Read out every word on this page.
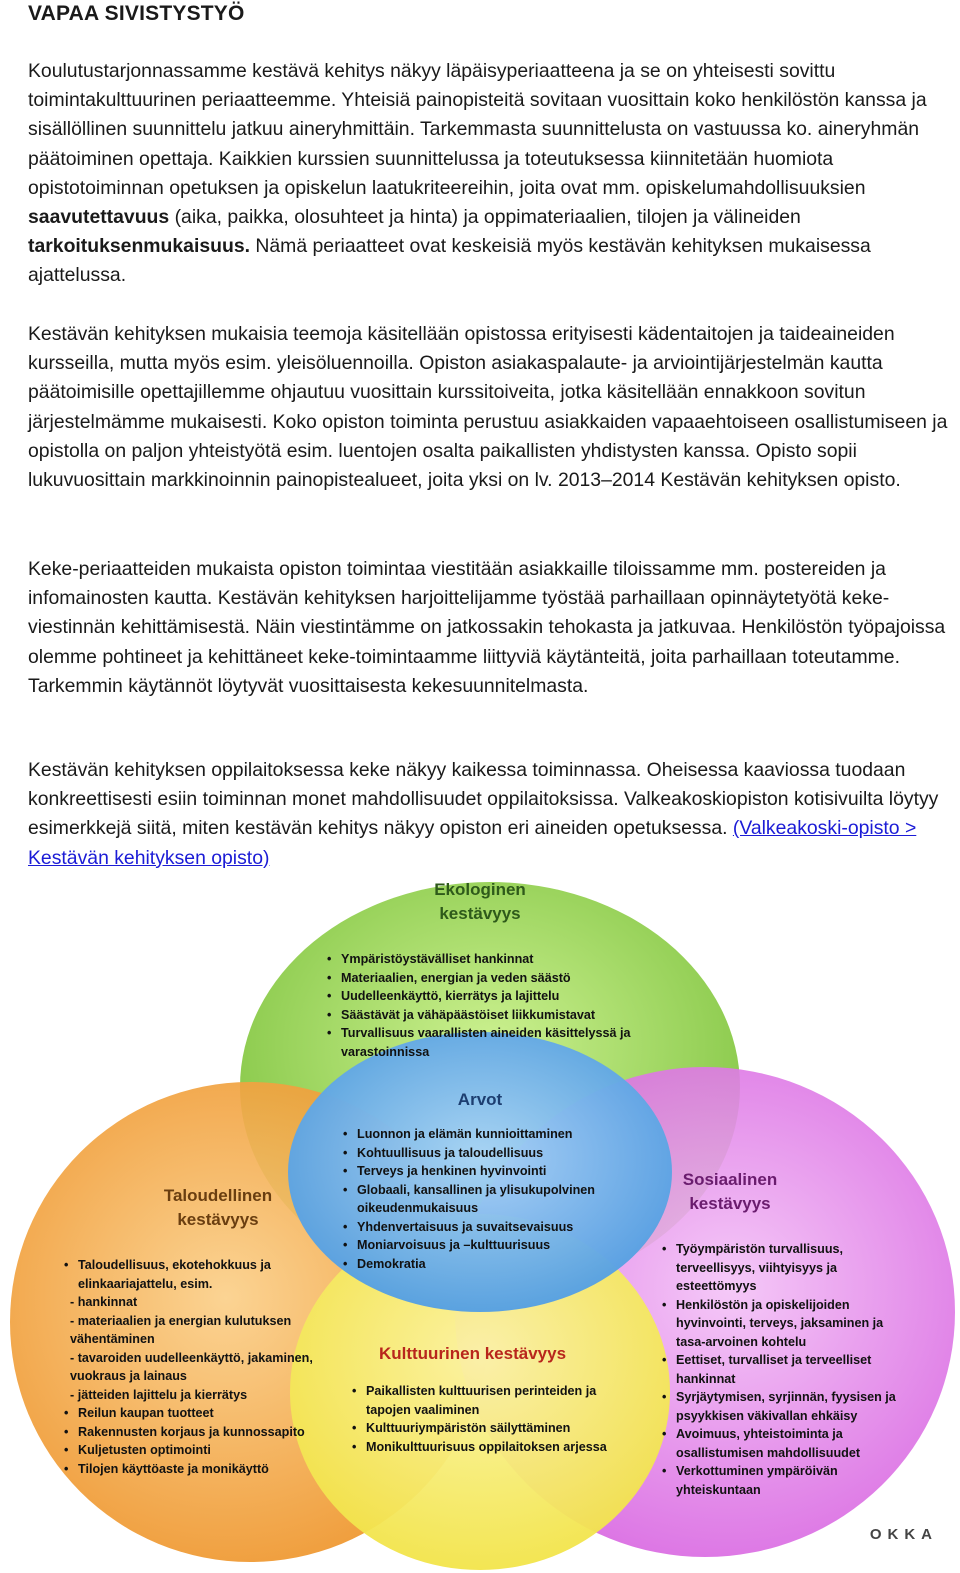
VAPAA SIVISTYSTYÖ

Koulutustarjonnassamme kestävä kehitys näkyy läpäisyperiaatteena ja se on yhteisesti sovittu toimintakulttuurinen periaatteemme. Yhteisiä painopisteitä sovitaan vuosittain koko henkilöstön kanssa ja sisällöllinen suunnittelu jatkuu aineryhmittäin. Tarkemmasta suunnittelusta on vastuussa ko. aineryhmän päätoiminen opettaja. Kaikkien kurssien suunnittelussa ja toteutuksessa kiinnitetään huomiota opistotoiminnan opetuksen ja opiskelun laatukriteereihin, joita ovat mm. opiskelumahdollisuuksien saavutettavuus (aika, paikka, olosuhteet ja hinta) ja oppimateriaalien, tilojen ja välineiden tarkoituksenmukaisuus. Nämä periaatteet ovat keskeisiä myös kestävän kehityksen mukaisessa ajattelussa.

Kestävän kehityksen mukaisia teemoja käsitellään opistossa erityisesti kädentaitojen ja taideaineiden kursseilla, mutta myös esim. yleisöluennoilla. Opiston asiakaspalaute- ja arviointijärjestelmän kautta päätoimisille opettajillemme ohjautuu vuosittain kurssitoiveita, jotka käsitellään ennakkoon sovitun järjestelmämme mukaisesti. Koko opiston toiminta perustuu asiakkaiden vapaaehtoiseen osallistumiseen ja opistolla on paljon yhteistyötä esim. luentojen osalta paikallisten yhdistysten kanssa. Opisto sopii lukuvuosittain markkinoinnin painopistealueet, joita yksi on lv. 2013–2014 Kestävän kehityksen opisto.

Keke-periaatteiden mukaista opiston toimintaa viestitään asiakkaille tiloissamme mm. postereiden ja infomainosten kautta. Kestävän kehityksen harjoittelijamme työstää parhaillaan opinnäytetyötä keke-viestinnän kehittämisestä. Näin viestintämme on jatkossakin tehokasta ja jatkuvaa. Henkilöstön työpajoissa olemme pohtineet ja kehittäneet keke-toimintaamme liittyviä käytänteitä, joita parhaillaan toteutamme. Tarkemmin käytännöt löytyvät vuosittaisesta kekesuunnitelmasta.

Kestävän kehityksen oppilaitoksessa keke näkyy kaikessa toiminnassa. Oheisessa kaaviossa tuodaan konkreettisesti esiin toiminnan monet mahdollisuudet oppilaitoksissa. Valkeakoskiopiston kotisivuilta löytyy esimerkkejä siitä, miten kestävän kehitys näkyy opiston eri aineiden opetuksessa. (Valkeakoski-opisto > Kestävän kehityksen opisto)

Ekologinen kestävyys
• Ympäristöystävälliset hankinnat
• Materiaalien, energian ja veden säästö
• Uudelleenkäyttö, kierrätys ja lajittelu
• Säästävät ja vähäpäästöiset liikkumistavat
• Turvallisuus vaarallisten aineiden käsittelyssä ja varastoinnissa
Arvot
• Luonnon ja elämän kunnioittaminen
• Kohtuullisuus ja taloudellisuus
• Terveys ja henkinen hyvinvointi
• Globaali, kansallinen ja ylisukupolvinen oikeudenmukaisuus
• Yhdenvertaisuus ja suvaitsevaisuus
• Moniarvoisuus ja –kulttuurisuus
• Demokratia
Taloudellinen kestävyys
• Taloudellisuus, ekotehokkuus ja elinkaariajattelu, esim.
- hankinnat
- materiaalien ja energian kulutuksen vähentäminen
- tavaroiden uudelleenkäyttö, jakaminen, vuokraus ja lainaus
- jätteiden lajittelu ja kierrätys
• Reilun kaupan tuotteet
• Rakennusten korjaus ja kunnossapito
• Kuljetusten optimointi
• Tilojen käyttöaste ja monikäyttö
Sosiaalinen kestävyys
• Työympäristön turvallisuus, terveellisyys, viihtyisyys ja esteettömyys
• Henkilöstön ja opiskelijoiden hyvinvointi, terveys, jaksaminen ja tasa-arvoinen kohtelu
• Eettiset, turvalliset ja terveelliset hankinnat
• Syrjäytymisen, syrjinnän, fyysisen ja psyykkisen väkivallan ehkäisy
• Avoimuus, yhteistoiminta ja osallistumisen mahdollisuudet
• Verkottuminen ympäröivän yhteiskuntaan
Kulttuurinen kestävyys
• Paikallisten kulttuurisen perinteiden ja tapojen vaaliminen
• Kulttuuriympäristön säilyttäminen
• Monikulttuurisuus oppilaitoksen arjessa
OKKA
